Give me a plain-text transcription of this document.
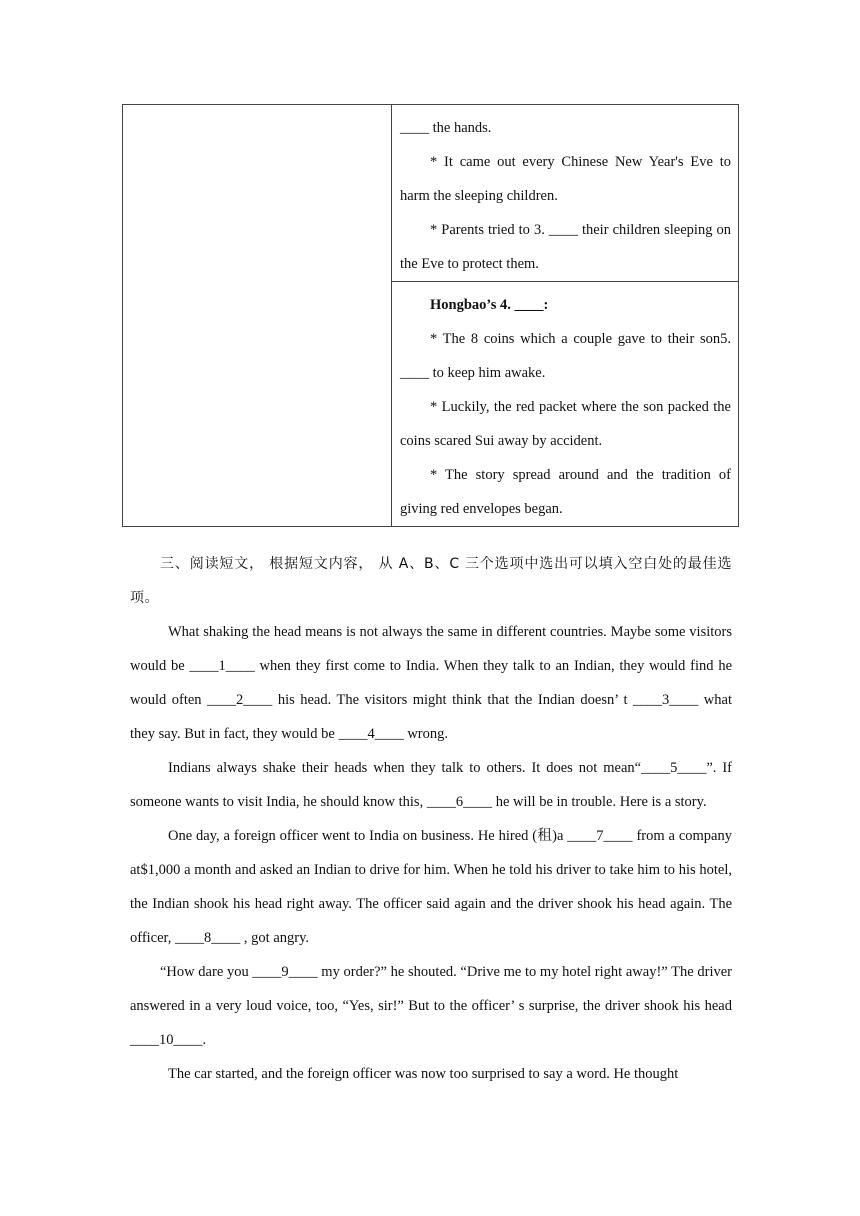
____ the hands.

* It came out every Chinese New Year's Eve to harm the sleeping children.

* Parents tried to 3. ____ their children sleeping on the Eve to protect them.

Hongbao’s 4. ____:

* The 8 coins which a couple gave to their son5. ____ to keep him awake.

* Luckily, the red packet where the son packed the coins scared Sui away by accident.

* The story spread around and the tradition of giving red envelopes began.

三、阅读短文， 根据短文内容， 从 A、B、C 三个选项中选出可以填入空白处的最佳选项。

What shaking the head means is not always the same in different countries. Maybe some visitors would be ____1____ when they first come to India. When they talk to an Indian, they would find he would often ____2____ his head. The visitors might think that the Indian doesn’ t ____3____ what they say. But in fact, they would be ____4____ wrong.

Indians always shake their heads when they talk to others. It does not mean“____5____”. If someone wants to visit India, he should know this, ____6____ he will be in trouble. Here is a story.

One day, a foreign officer went to India on business. He hired (租)a ____7____ from a company at$1,000 a month and asked an Indian to drive for him. When he told his driver to take him to his hotel, the Indian shook his head right away. The officer said again and the driver shook his head again. The officer, ____8____ , got angry.

“How dare you ____9____ my order?” he shouted. “Drive me to my hotel right away!” The driver answered in a very loud voice, too, “Yes, sir!” But to the officer’ s surprise, the driver shook his head ____10____.

The car started, and the foreign officer was now too surprised to say a word. He thought
